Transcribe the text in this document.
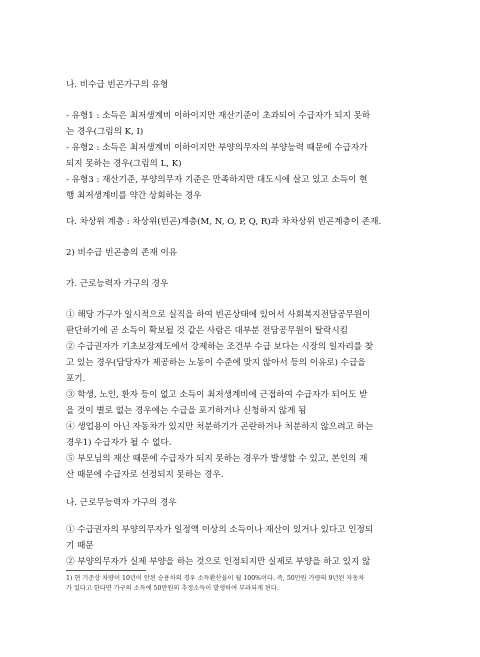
나. 비수급 빈곤가구의 유형
- 유형1 : 소득은 최저생계비 이하이지만 재산기준이 초과되어 수급자가 되지 못하
는 경우(그림의 K, I)
- 유형2 : 소득은 최저생계비 이하이지만 부양의무자의 부양능력 때문에 수급자가
되지 못하는 경우(그림의 L, K)
- 유형3 : 재산기준, 부양의무자 기준은 만족하지만 대도시에 살고 있고 소득이 현
행 최저생계비를 약간 상회하는 경우
다. 차상위 계층 : 차상위(빈곤)계층(M, N, O, P, Q, R)과 차차상위 빈곤계층이 존재.
2) 비수급 빈곤층의 존재 이유
가. 근로능력자 가구의 경우
① 해당 가구가 일시적으로 실직을 하여 빈곤상태에 있어서 사회복지전담공무원이
판단하기에 곧 소득이 확보될 것 같은 사람은 대부분 전담공무원이 탈락시킴
② 수급권자가 기초보장제도에서 강제하는 조건부 수급 보다는 시장의 일자리를 찾
고 있는 경우(담당자가 제공하는 노동이 수준에 맞지 않아서 등의 이유로) 수급을
포기.
③ 학생, 노인, 환자 등이 없고 소득이 최저생계비에 근접하여 수급자가 되어도 받
을 것이 별로 없는 경우에는 수급을 포기하거나 신청하지 않게 됨
④ 생업용이 아닌 자동차가 있지만 처분하기가 곤란하거나 처분하지 않으려고 하는
경우1) 수급자가 될 수 없다.
⑤ 부모님의 재산 때문에 수급자가 되지 못하는 경우가 발생할 수 있고, 본인의 재
산 때문에 수급자로 선정되지 못하는 경우.
나. 근로무능력자 가구의 경우
① 수급권자의 부양의무자가 일정액 이상의 소득이나 재산이 있거나 있다고 인정되
기 때문
② 부양의무자가 실제 부양을 하는 것으로 인정되지만 실제로 부양을 하고 있지 않
1) 현 기준상 차량이 10년이 안된 승용차의 경우 소득환산율이 월 100%이다. 즉, 50만원 가량의 9년된 자동차
가 있다고 한다면 가구의 소득에 50만원의 추정소득이 발생하여 부과되게 된다.
